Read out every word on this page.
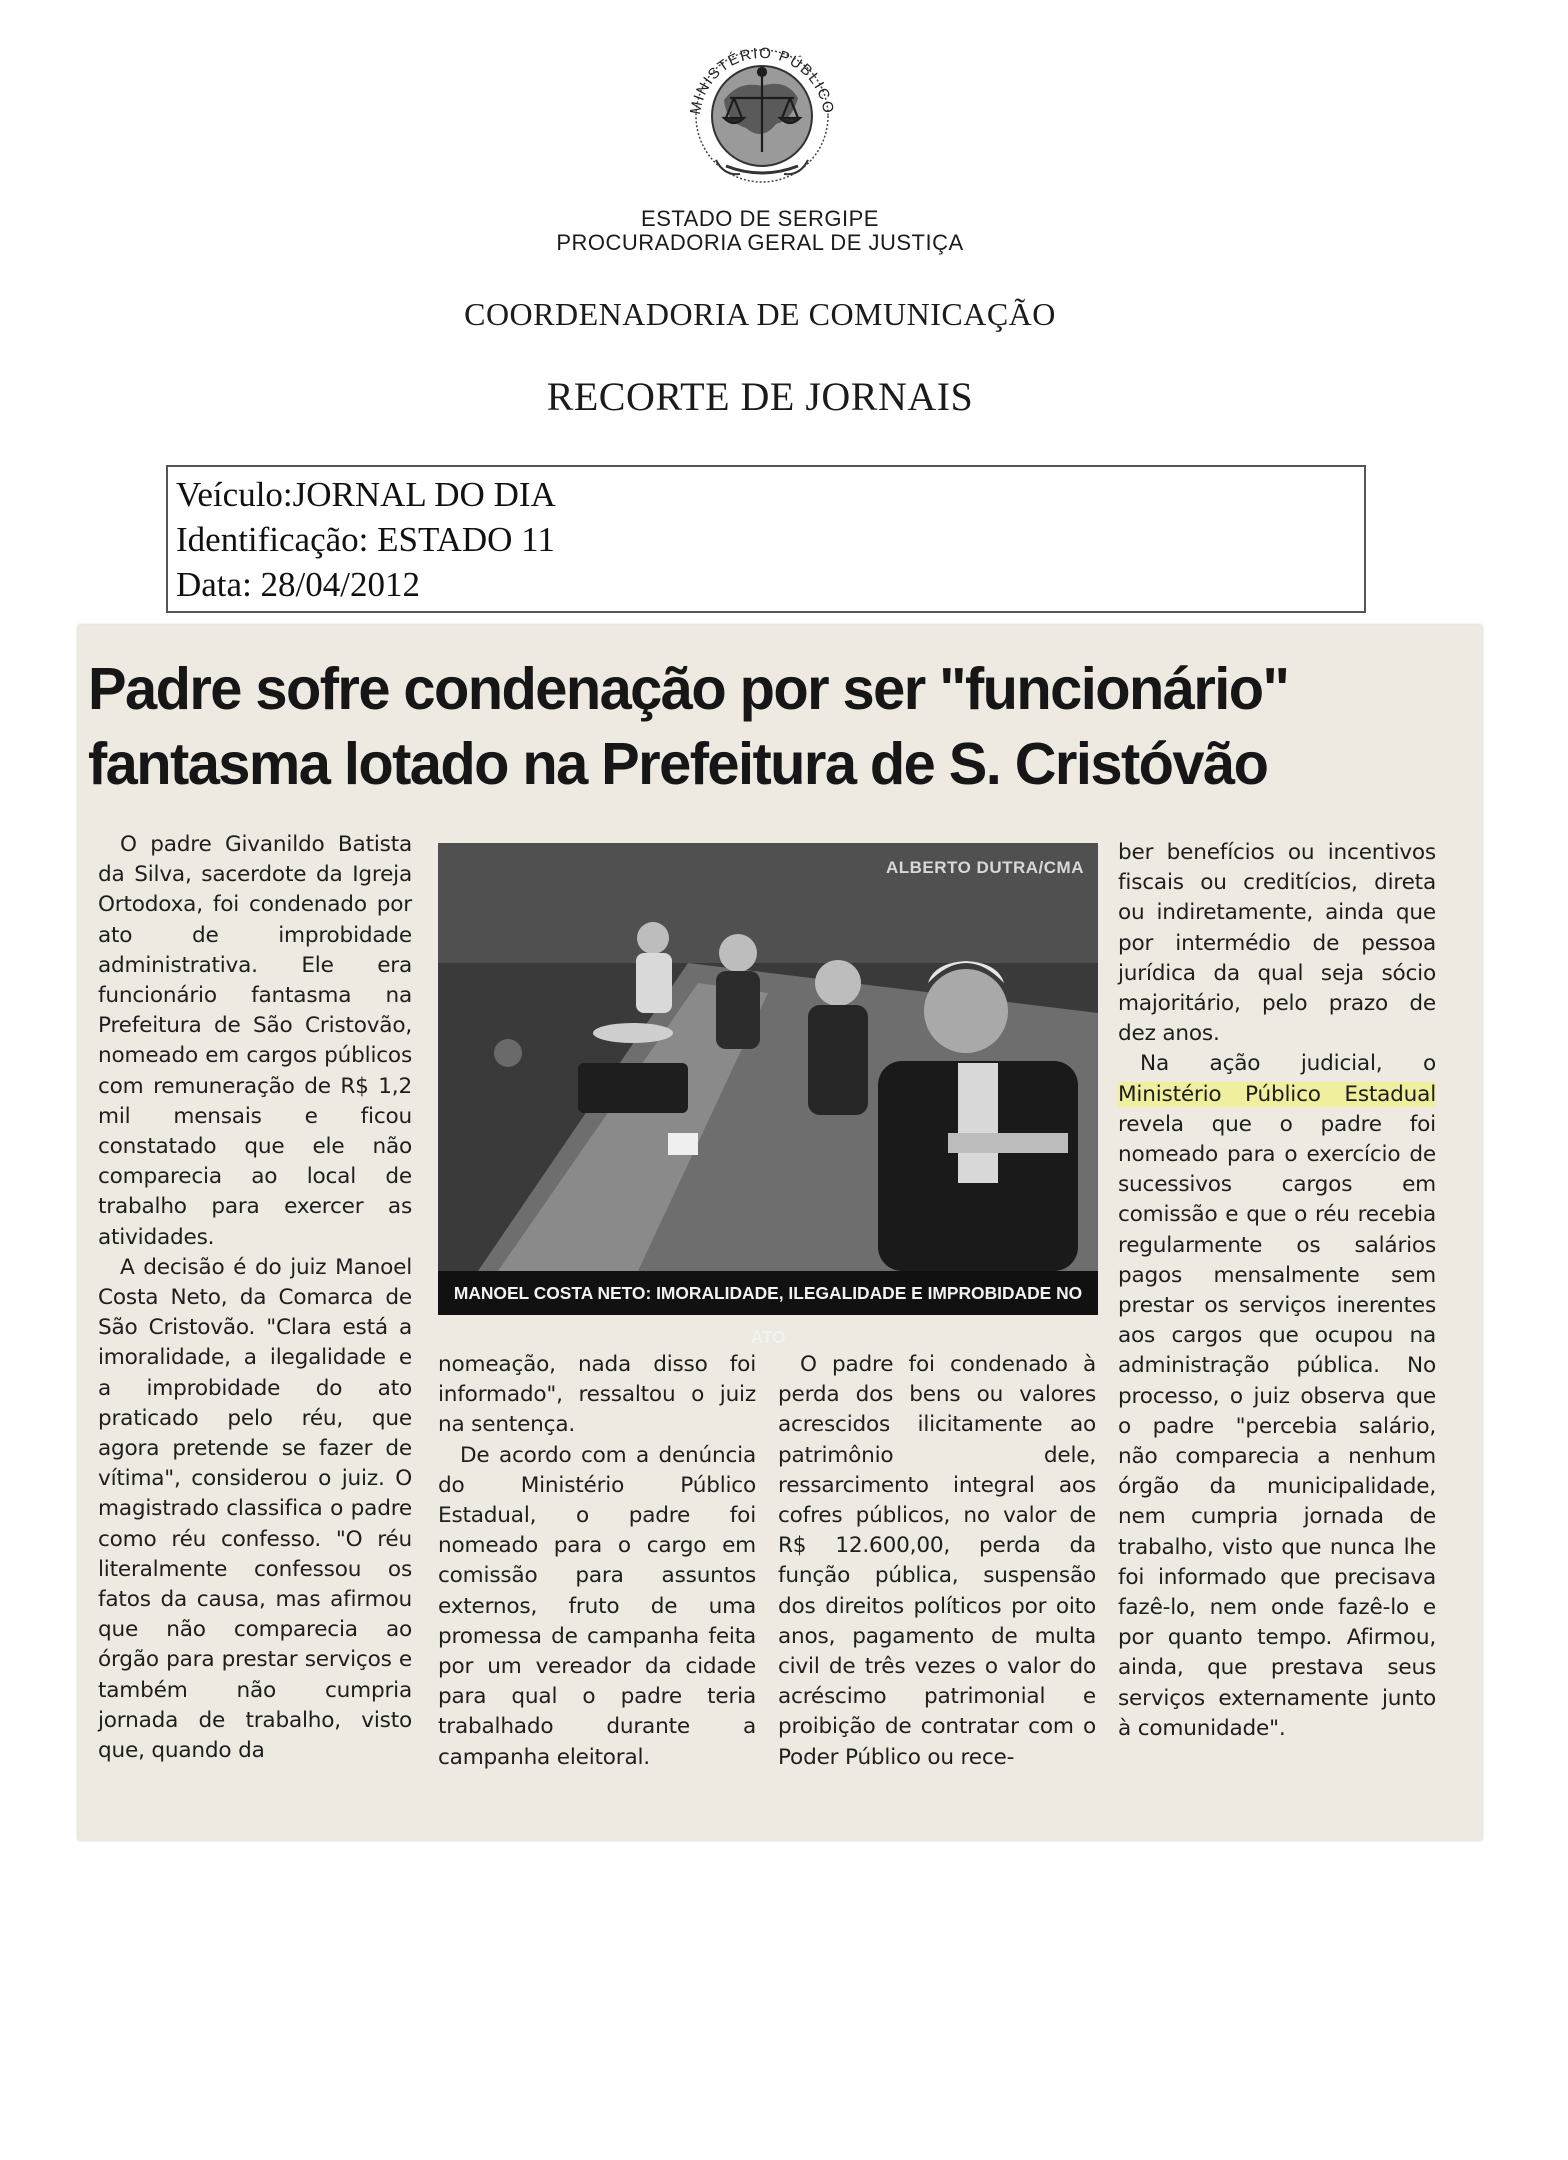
MINISTÉRIO PÚBLICO
ESTADO DE SERGIPE
PROCURADORIA GERAL DE JUSTIÇA
COORDENADORIA DE COMUNICAÇÃO
RECORTE DE JORNAIS
Veículo:JORNAL DO DIA
Identificação: ESTADO 11
Data: 28/04/2012
Padre sofre condenação por ser "funcionário"
fantasma lotado na Prefeitura de S. Cristóvão

O padre Givanildo Batista da Silva, sacerdote da Igreja Ortodoxa, foi condenado por ato de improbidade administrativa. Ele era funcionário fantasma na Prefeitura de São Cristovão, nomeado em cargos públicos com remuneração de R$ 1,2 mil mensais e ficou constatado que ele não comparecia ao local de trabalho para exercer as atividades.

A decisão é do juiz Manoel Costa Neto, da Comarca de São Cristovão. "Clara está a imoralidade, a ilegalidade e a improbidade do ato praticado pelo réu, que agora pretende se fazer de vítima", considerou o juiz. O magistrado classifica o padre como réu confesso. "O réu literalmente confessou os fatos da causa, mas afirmou que não comparecia ao órgão para prestar serviços e também não cumpria jornada de trabalho, visto que, quando da

ALBERTO DUTRA/CMA
MANOEL COSTA NETO: IMORALIDADE, ILEGALIDADE E IMPROBIDADE NO ATO

nomeação, nada disso foi informado", ressaltou o juiz na sentença.

De acordo com a denúncia do Ministério Público Estadual, o padre foi nomeado para o cargo em comissão para assuntos externos, fruto de uma promessa de campanha feita por um vereador da cidade para qual o padre teria trabalhado durante a campanha eleitoral.

O padre foi condenado à perda dos bens ou valores acrescidos ilicitamente ao patrimônio dele, ressarcimento integral aos cofres públicos, no valor de R$ 12.600,00, perda da função pública, suspensão dos direitos políticos por oito anos, pagamento de multa civil de três vezes o valor do acréscimo patrimonial e proibição de contratar com o Poder Público ou rece-

ber benefícios ou incentivos fiscais ou creditícios, direta ou indiretamente, ainda que por intermédio de pessoa jurídica da qual seja sócio majoritário, pelo prazo de dez anos.

Na ação judicial, o Ministério Público Estadual revela que o padre foi nomeado para o exercício de sucessivos cargos em comissão e que o réu recebia regularmente os salários pagos mensalmente sem prestar os serviços inerentes aos cargos que ocupou na administração pública. No processo, o juiz observa que o padre "percebia salário, não comparecia a nenhum órgão da municipalidade, nem cumpria jornada de trabalho, visto que nunca lhe foi informado que precisava fazê-lo, nem onde fazê-lo e por quanto tempo. Afirmou, ainda, que prestava seus serviços externamente junto à comunidade".
